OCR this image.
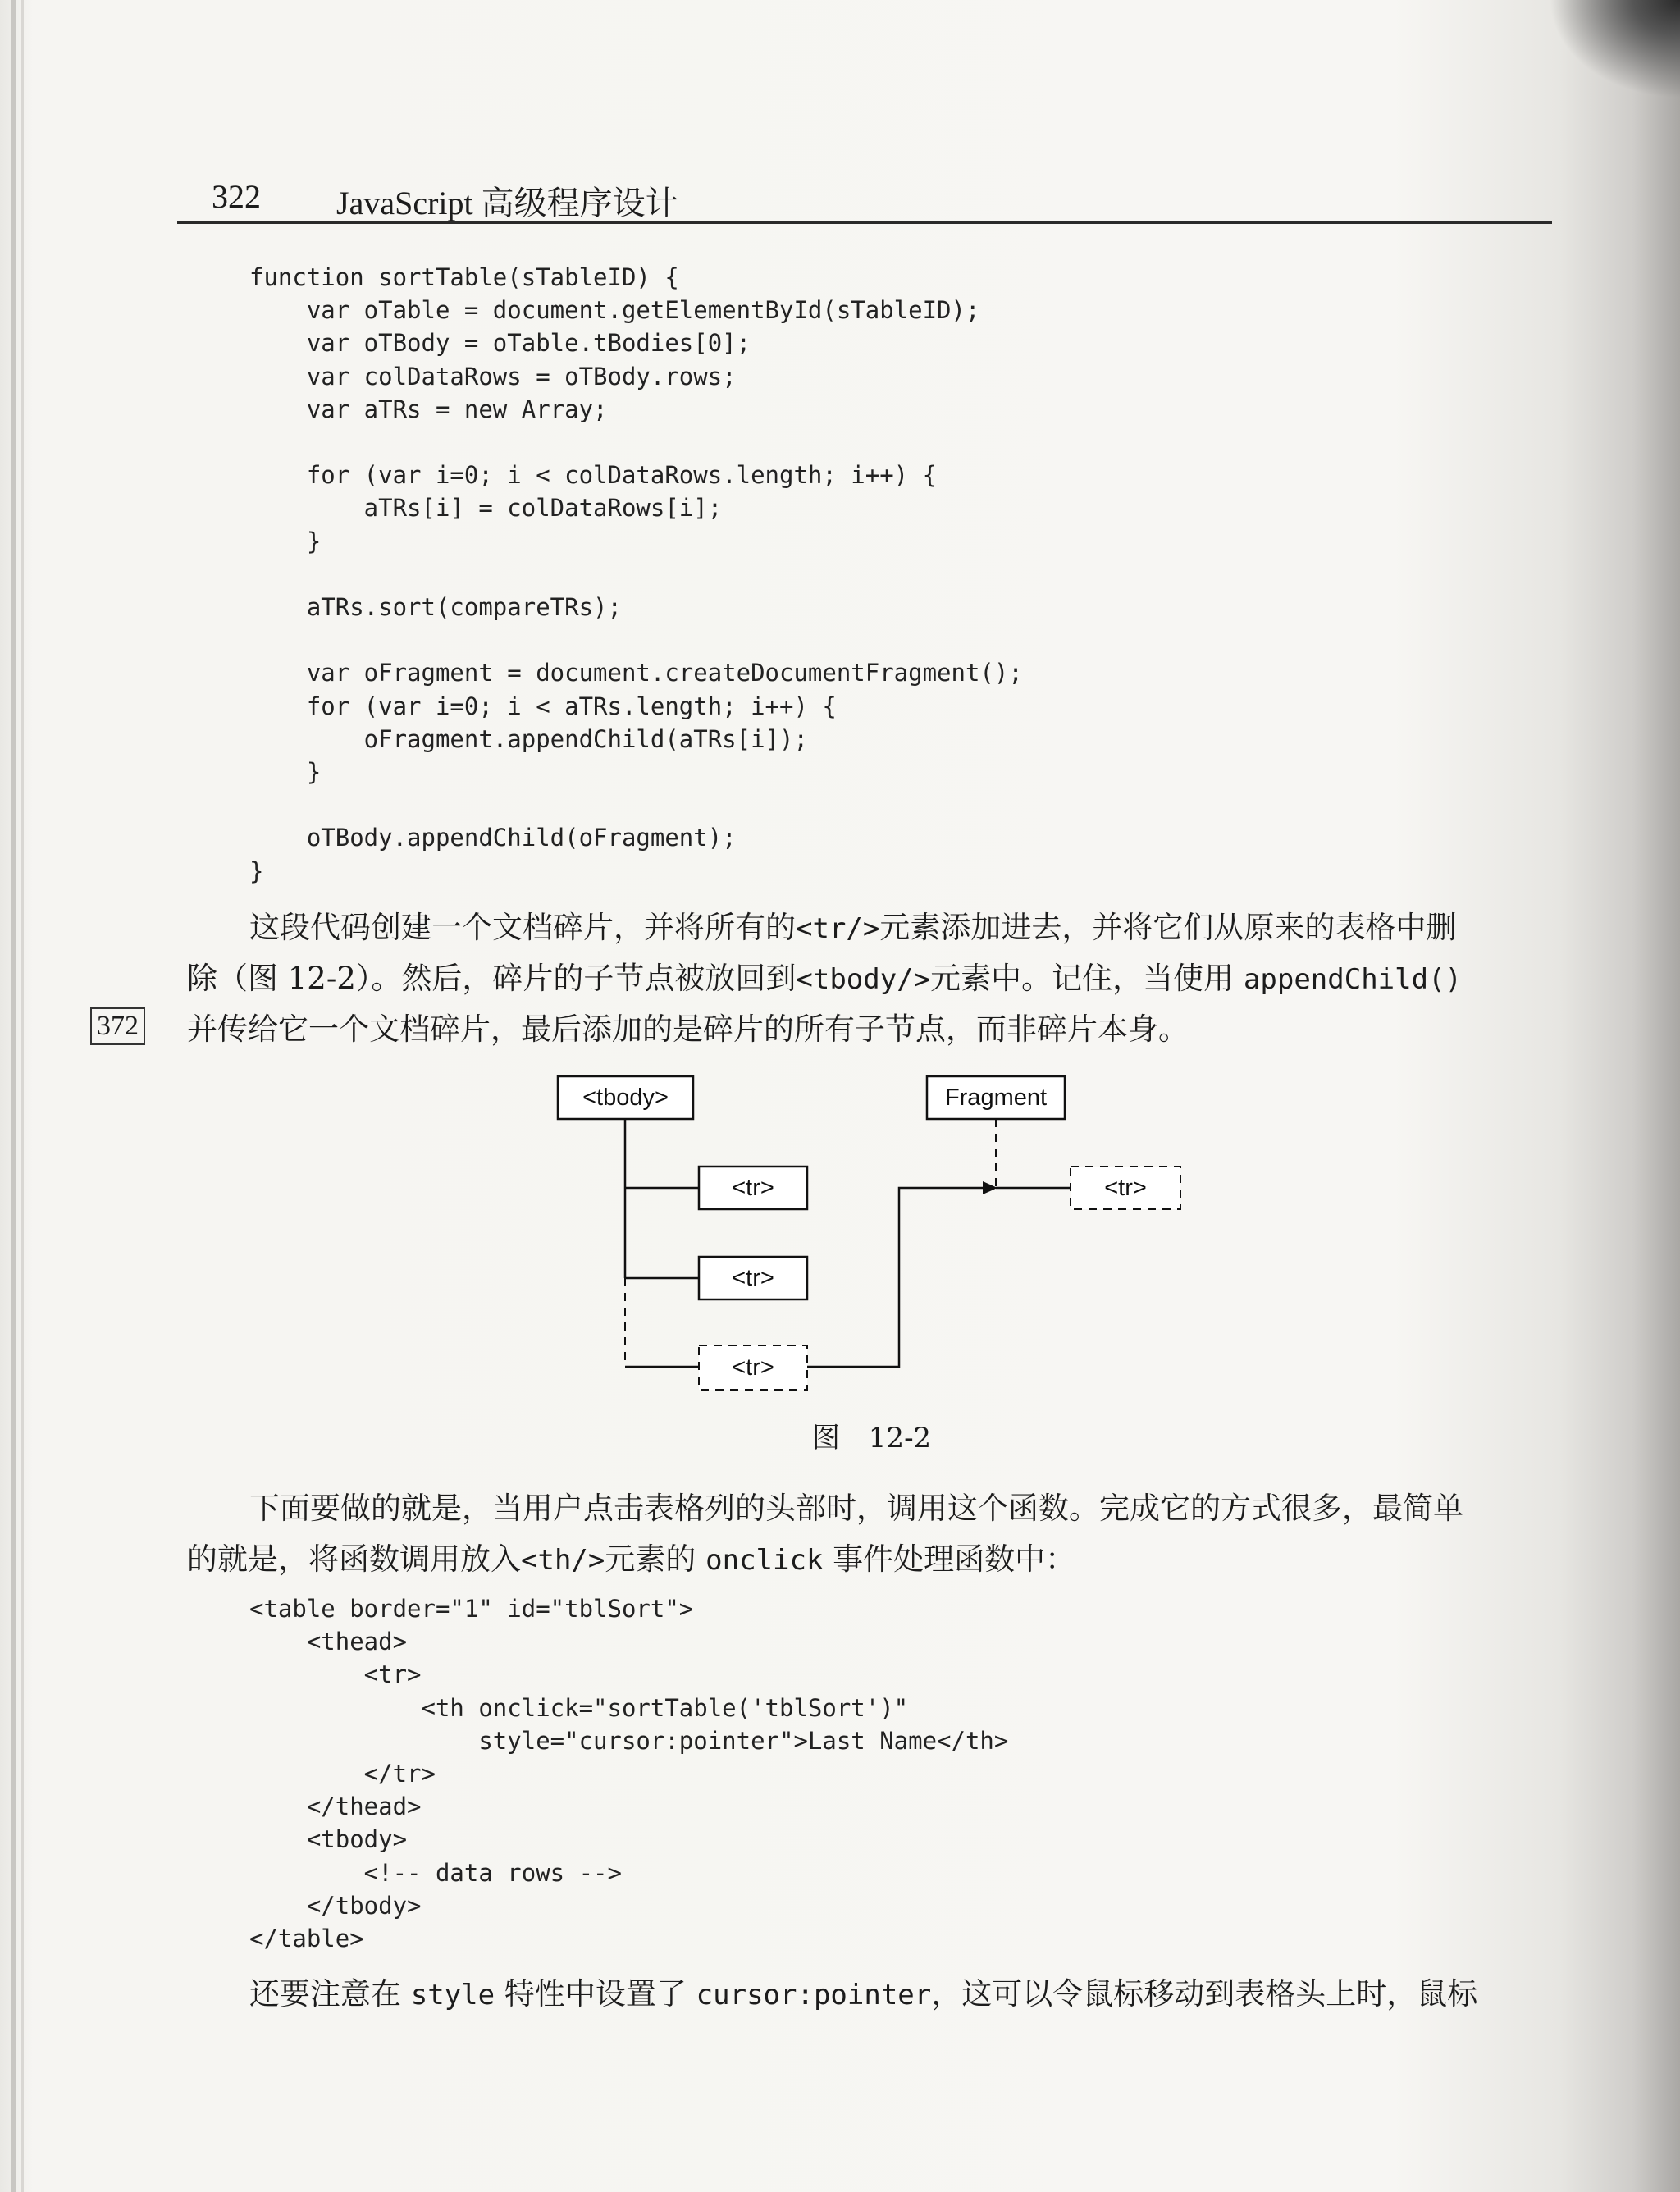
322 JavaScript 高级程序设计
function sortTable(sTableID) {
var oTable = document.getElementById(sTableID);
var oTBody = oTable.tBodies[0];
var colDataRows = oTBody.rows;
var aTRs = new Array;

for (var i=0; i < colDataRows.length; i++) {
aTRs[i] = colDataRows[i];
}

aTRs.sort(compareTRs);

var oFragment = document.createDocumentFragment();
for (var i=0; i < aTRs.length; i++) {
oFragment.appendChild(aTRs[i]);
}

oTBody.appendChild(oFragment);
}
这段代码创建一个文档碎片，并将所有的<tr/>元素添加进去，并将它们从原来的表格中删
除（图 12-2）。然后，碎片的子节点被放回到<tbody/>元素中。记住，当使用 appendChild()
并传给它一个文档碎片，最后添加的是碎片的所有子节点，而非碎片本身。
372
<tbody>	Fragment
<tr>
<tr>
<tr>
<tr>
图 12-2
下面要做的就是，当用户点击表格列的头部时，调用这个函数。完成它的方式很多，最简单
的就是，将函数调用放入<th/>元素的 onclick 事件处理函数中：
<table border="1" id="tblSort">
<thead>
<tr>
<th onclick="sortTable('tblSort')"
style="cursor:pointer">Last Name</th>
</tr>
</thead>
<tbody>
<!-- data rows -->
</tbody>
</table>
还要注意在 style 特性中设置了 cursor:pointer，这可以令鼠标移动到表格头上时，鼠标
